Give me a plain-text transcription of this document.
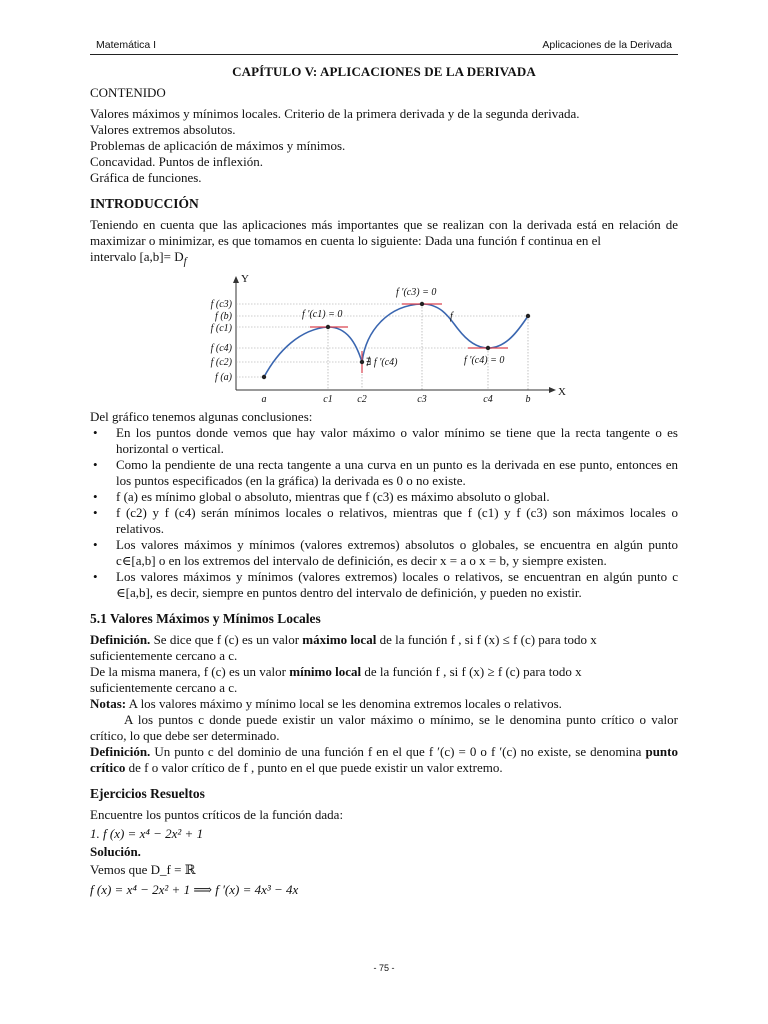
Matemática I	Aplicaciones de la Derivada
CAPÍTULO V: APLICACIONES DE LA DERIVADA

CONTENIDO

Valores máximos y mínimos locales. Criterio de la primera derivada y de la segunda derivada.

Valores extremos absolutos.

Problemas de aplicación de máximos y mínimos.

Concavidad. Puntos de inflexión.

Gráfica de funciones.

INTRODUCCIÓN

Teniendo en cuenta que las aplicaciones más importantes que se realizan con la derivada está en relación de maximizar o minimizar, es que tomamos en cuenta lo siguiente: Dada una función f continua en el

intervalo $[a,b]= D_f$

Y
X
f (c3)
f (b)
f (c1)
f (c4)
f (c2)
f (a)
a	c1 c2	c3	c4	b
f ′(c1) = 0
∄ f ′(c4)
f ′(c3) = 0
f ′(c4) = 0
f

Del gráfico tenemos algunas conclusiones:

• En los puntos donde vemos que hay valor máximo o valor mínimo se tiene que la recta tangente o es horizontal o vertical.
• Como la pendiente de una recta tangente a una curva en un punto es la derivada en ese punto, entonces en los puntos especificados (en la gráfica) la derivada es 0 o no existe.
• f (a) es mínimo global o absoluto, mientras que f (c3) es máximo absoluto o global.
• f (c2) y f (c4) serán mínimos locales o relativos, mientras que f (c1) y f (c3) son máximos locales o relativos.
• Los valores máximos y mínimos (valores extremos) absolutos o globales, se encuentra en algún punto c∈[a,b] o en los extremos del intervalo de definición, es decir x = a o x = b, y siempre existen.
• Los valores máximos y mínimos (valores extremos) locales o relativos, se encuentran en algún punto c ∈[a,b], es decir, siempre en puntos dentro del intervalo de definición, y pueden no existir.
5.1 Valores Máximos y Mínimos Locales

Definición. Se dice que f (c) es un valor máximo local de la función f , si f (x) ≤ f (c) para todo x

suficientemente cercano a c.

De la misma manera, f (c) es un valor mínimo local de la función f , si f (x) ≥ f (c) para todo x

suficientemente cercano a c.

Notas: A los valores máximo y mínimo local se les denomina extremos locales o relativos.

A los puntos c donde puede existir un valor máximo o mínimo, se le denomina punto crítico o valor crítico, lo que debe ser determinado.

Definición. Un punto c del dominio de una función f en el que f ′(c) = 0 o f ′(c) no existe, se denomina punto crítico de f o valor crítico de f , punto en el que puede existir un valor extremo.

Ejercicios Resueltos

Encuentre los puntos críticos de la función dada:

1. f (x) = x⁴ − 2x² + 1

Solución.

Vemos que D_f = ℝ

f (x) = x⁴ − 2x² + 1 ⟹ f ′(x) = 4x³ − 4x

- 75 -
